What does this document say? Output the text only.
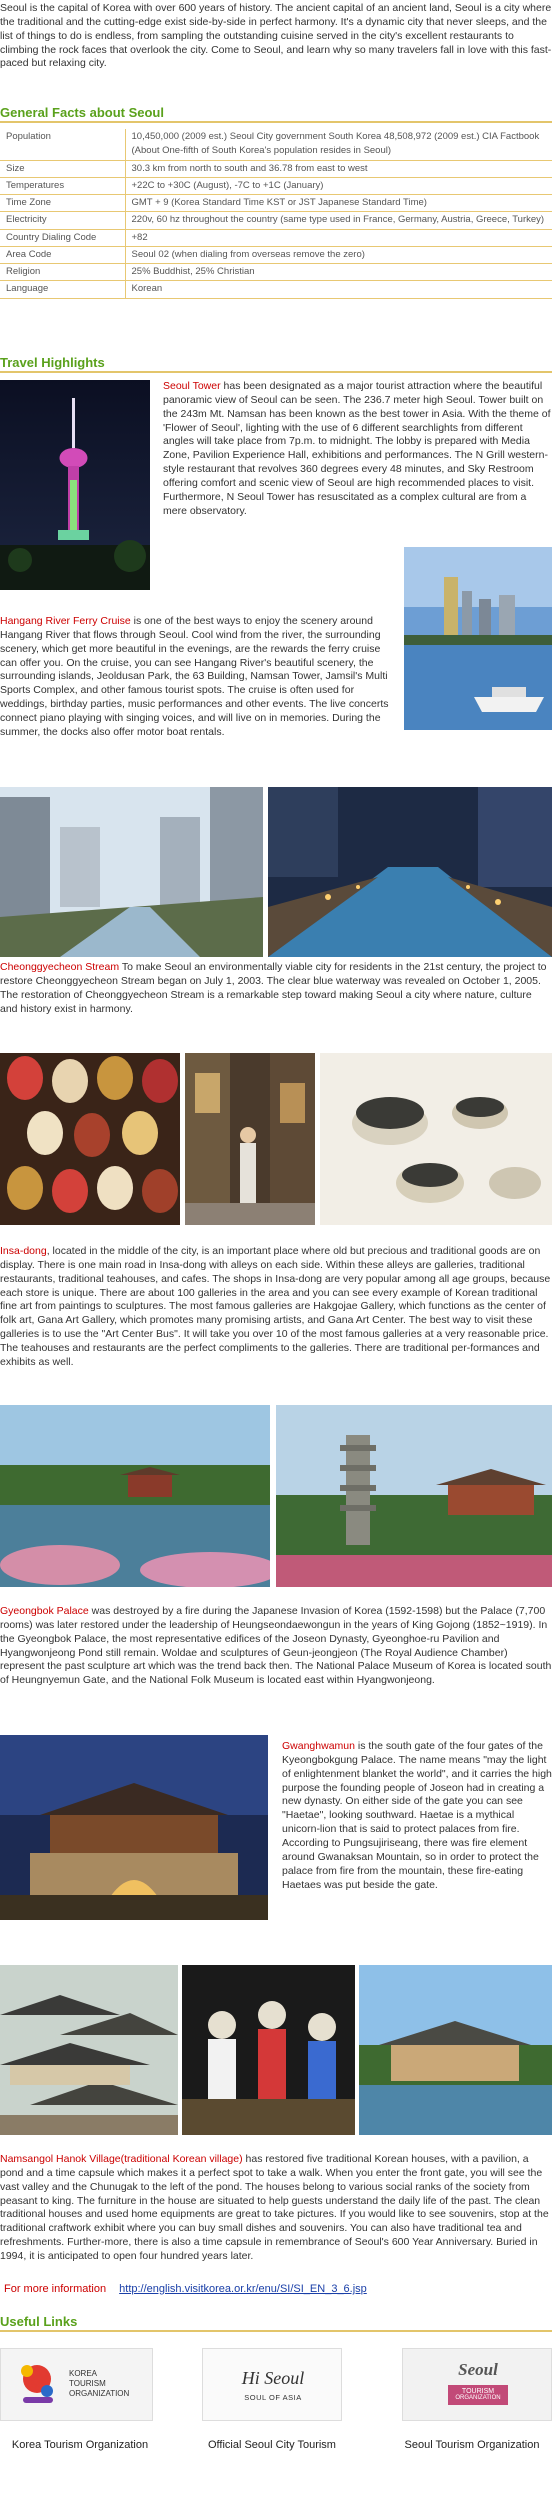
Seoul is the capital of Korea with over 600 years of history. The ancient capital of an ancient land, Seoul is a city where the traditional and the cutting-edge exist side-by-side in perfect harmony. It's a dynamic city that never sleeps, and the list of things to do is endless, from sampling the outstanding cuisine served in the city's excellent restaurants to climbing the rock faces that overlook the city. Come to Seoul, and learn why so many travelers fall in love with this fast-paced but relaxing city.

General Facts about Seoul
Population	10,450,000 (2009 est.) Seoul City government South Korea 48,508,972 (2009 est.) CIA Factbook (About One-fifth of South Korea's population resides in Seoul)
Size	30.3 km from north to south and 36.78 from east to west
Temperatures	+22C to +30C (August), -7C to +1C (January)
Time Zone	GMT + 9 (Korea Standard Time KST or JST Japanese Standard Time)
Electricity	220v, 60 hz throughout the country (same type used in France, Germany, Austria, Greece, Turkey)
Country Dialing Code	+82
Area Code	Seoul 02 (when dialing from overseas remove the zero)
Religion	25% Buddhist, 25% Christian
Language	Korean
Travel Highlights

Seoul Tower has been designated as a major tourist attraction where the beautiful panoramic view of Seoul can be seen. The 236.7 meter high Seoul. Tower built on the 243m Mt. Namsan has been known as the best tower in Asia. With the theme of 'Flower of Seoul', lighting with the use of 6 different searchlights from different angles will take place from 7p.m. to midnight. The lobby is prepared with Media Zone, Pavilion Experience Hall, exhibitions and performances. The N Grill western-style restaurant that revolves 360 degrees every 48 minutes, and Sky Restroom offering comfort and scenic view of Seoul are high recommended places to visit. Furthermore, N Seoul Tower has resuscitated as a complex cultural are from a mere observatory.

Hangang River Ferry Cruise is one of the best ways to enjoy the scenery around Hangang River that flows through Seoul. Cool wind from the river, the surrounding scenery, which get more beautiful in the evenings, are the rewards the ferry cruise can offer you. On the cruise, you can see Hangang River's beautiful scenery, the surrounding islands, Jeoldusan Park, the 63 Building, Namsan Tower, Jamsil's Multi Sports Complex, and other famous tourist spots. The cruise is often used for weddings, birthday parties, music performances and other events. The live concerts connect piano playing with singing voices, and will live on in memories. During the summer, the docks also offer motor boat rentals.

Cheonggyecheon Stream To make Seoul an environmentally viable city for residents in the 21st century, the project to restore Cheonggyecheon Stream began on July 1, 2003. The clear blue waterway was revealed on October 1, 2005. The restoration of Cheonggyecheon Stream is a remarkable step toward making Seoul a city where nature, culture and history exist in harmony.

Insa-dong, located in the middle of the city, is an important place where old but precious and traditional goods are on display. There is one main road in Insa-dong with alleys on each side. Within these alleys are galleries, traditional restaurants, traditional teahouses, and cafes. The shops in Insa-dong are very popular among all age groups, because each store is unique. There are about 100 galleries in the area and you can see every example of Korean traditional fine art from paintings to sculptures. The most famous galleries are Hakgojae Gallery, which functions as the center of folk art, Gana Art Gallery, which promotes many promising artists, and Gana Art Center. The best way to visit these galleries is to use the "Art Center Bus". It will take you over 10 of the most famous galleries at a very reasonable price. The teahouses and restaurants are the perfect compliments to the galleries. There are traditional per-formances and exhibits as well.

Gyeongbok Palace was destroyed by a fire during the Japanese Invasion of Korea (1592-1598) but the Palace (7,700 rooms) was later restored under the leadership of Heungseondaewongun in the years of King Gojong (1852~1919). In the Gyeongbok Palace, the most representative edifices of the Joseon Dynasty, Gyeonghoe-ru Pavilion and Hyangwonjeong Pond still remain. Woldae and sculptures of Geun-jeongjeon (The Royal Audience Chamber) represent the past sculpture art which was the trend back then. The National Palace Museum of Korea is located south of Heungnyemun Gate, and the National Folk Museum is located east within Hyangwonjeong.

Gwanghwamun is the south gate of the four gates of the Kyeongbokgung Palace. The name means "may the light of enlightenment blanket the world", and it carries the high purpose the founding people of Joseon had in creating a new dynasty. On either side of the gate you can see "Haetae", looking southward. Haetae is a mythical unicorn-lion that is said to protect palaces from fire. According to Pungsujiriseang, there was fire element around Gwanaksan Mountain, so in order to protect the palace from fire from the mountain, these fire-eating Haetaes was put beside the gate.

Namsangol Hanok Village(traditional Korean village) has restored five traditional Korean houses, with a pavilion, a pond and a time capsule which makes it a perfect spot to take a walk. When you enter the front gate, you will see the vast valley and the Chunugak to the left of the pond. The houses belong to various social ranks of the society from peasant to king. The furniture in the house are situated to help guests understand the daily life of the past. The clean traditional houses and used home equipments are great to take pictures. If you would like to see souvenirs, stop at the traditional craftwork exhibit where you can buy small dishes and souvenirs. You can also have traditional tea and refreshments. Further-more, there is also a time capsule in remembrance of Seoul's 600 Year Anniversary. Buried in 1994, it is anticipated to open four hundred years later.

For more information http://english.visitkorea.or.kr/enu/SI/SI_EN_3_6.jsp
Useful Links
KOREA
TOURISM
ORGANIZATION
Hi Seoul
SOUL OF ASIA
Seoul
TOURISM
ORGANIZATION
Korea Tourism Organization	Official Seoul City Tourism	Seoul Tourism Organization
